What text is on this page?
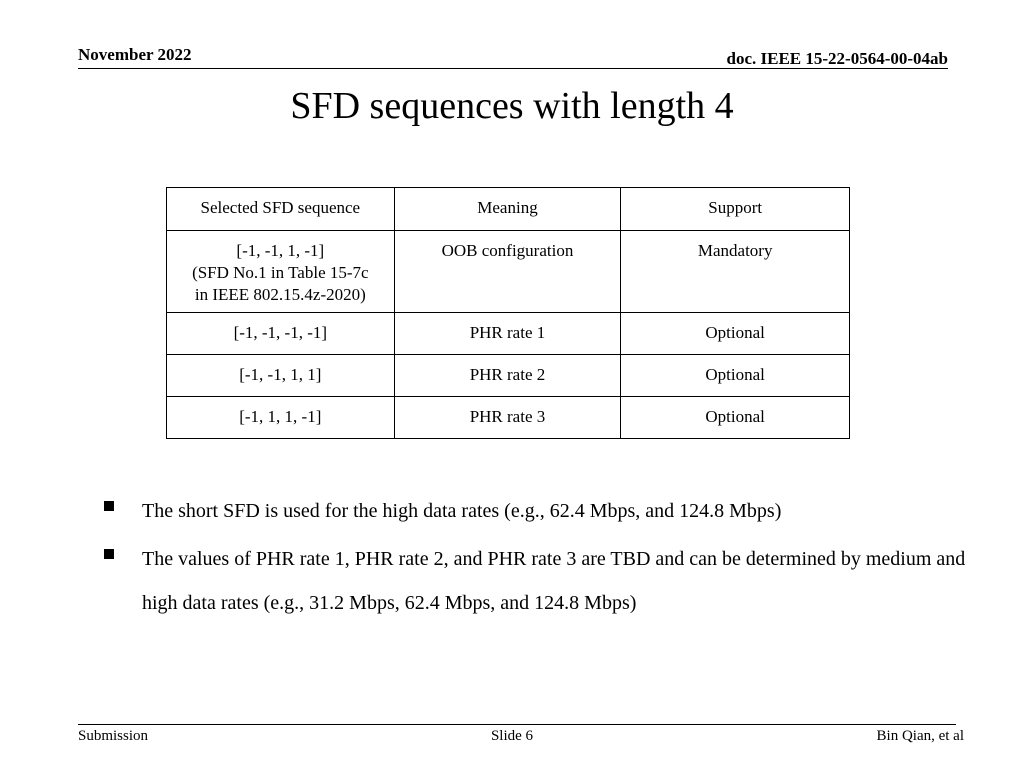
November 2022	doc. IEEE 15-22-0564-00-04ab
SFD sequences with length 4
Selected SFD sequence	Meaning	Support

[-1, -1, 1, -1]
(SFD No.1 in Table 15-7c
in IEEE 802.15.4z-2020)	OOB configuration	Mandatory
[-1, -1, -1, -1]	PHR rate 1	Optional
[-1, -1, 1, 1]	PHR rate 2	Optional
[-1, 1, 1, -1]	PHR rate 3	Optional
The short SFD is used for the high data rates (e.g., 62.4 Mbps, and 124.8 Mbps)
The values of PHR rate 1, PHR rate 2, and PHR rate 3 are TBD and can be determined by medium and high data rates (e.g., 31.2 Mbps, 62.4 Mbps, and 124.8 Mbps)
Submission	Slide 6	Bin Qian, et al
